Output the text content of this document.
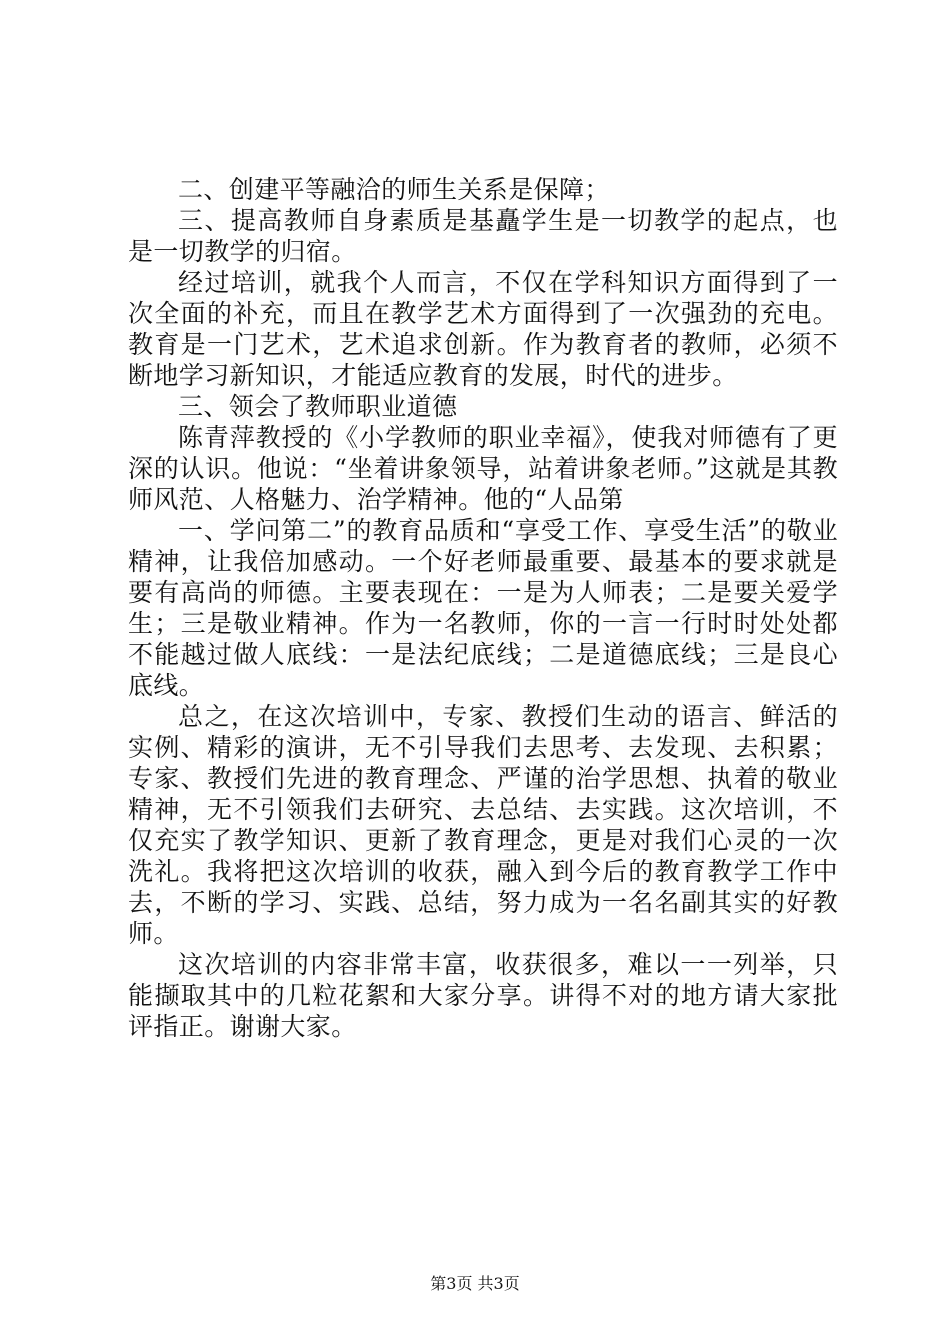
二、创建平等融洽的师生关系是保障；

三、提高教师自身素质是基矗学生是一切教学的起点，也是一切教学的归宿。

经过培训，就我个人而言，不仅在学科知识方面得到了一次全面的补充，而且在教学艺术方面得到了一次强劲的充电。教育是一门艺术，艺术追求创新。作为教育者的教师，必须不断地学习新知识，才能适应教育的发展，时代的进步。

三、领会了教师职业道德

陈青萍教授的《小学教师的职业幸福》，使我对师德有了更深的认识。他说：“坐着讲象领导，站着讲象老师。”这就是其教师风范、人格魅力、治学精神。他的“人品第

一、学问第二”的教育品质和“享受工作、享受生活”的敬业精神，让我倍加感动。一个好老师最重要、最基本的要求就是要有高尚的师德。主要表现在：一是为人师表；二是要关爱学生；三是敬业精神。作为一名教师，你的一言一行时时处处都不能越过做人底线：一是法纪底线；二是道德底线；三是良心底线。

总之，在这次培训中，专家、教授们生动的语言、鲜活的实例、精彩的演讲，无不引导我们去思考、去发现、去积累；专家、教授们先进的教育理念、严谨的治学思想、执着的敬业精神，无不引领我们去研究、去总结、去实践。这次培训，不仅充实了教学知识、更新了教育理念，更是对我们心灵的一次洗礼。我将把这次培训的收获，融入到今后的教育教学工作中去，不断的学习、实践、总结，努力成为一名名副其实的好教师。

这次培训的内容非常丰富，收获很多，难以一一列举，只能撷取其中的几粒花絮和大家分享。讲得不对的地方请大家批评指正。谢谢大家。

第3页 共3页
